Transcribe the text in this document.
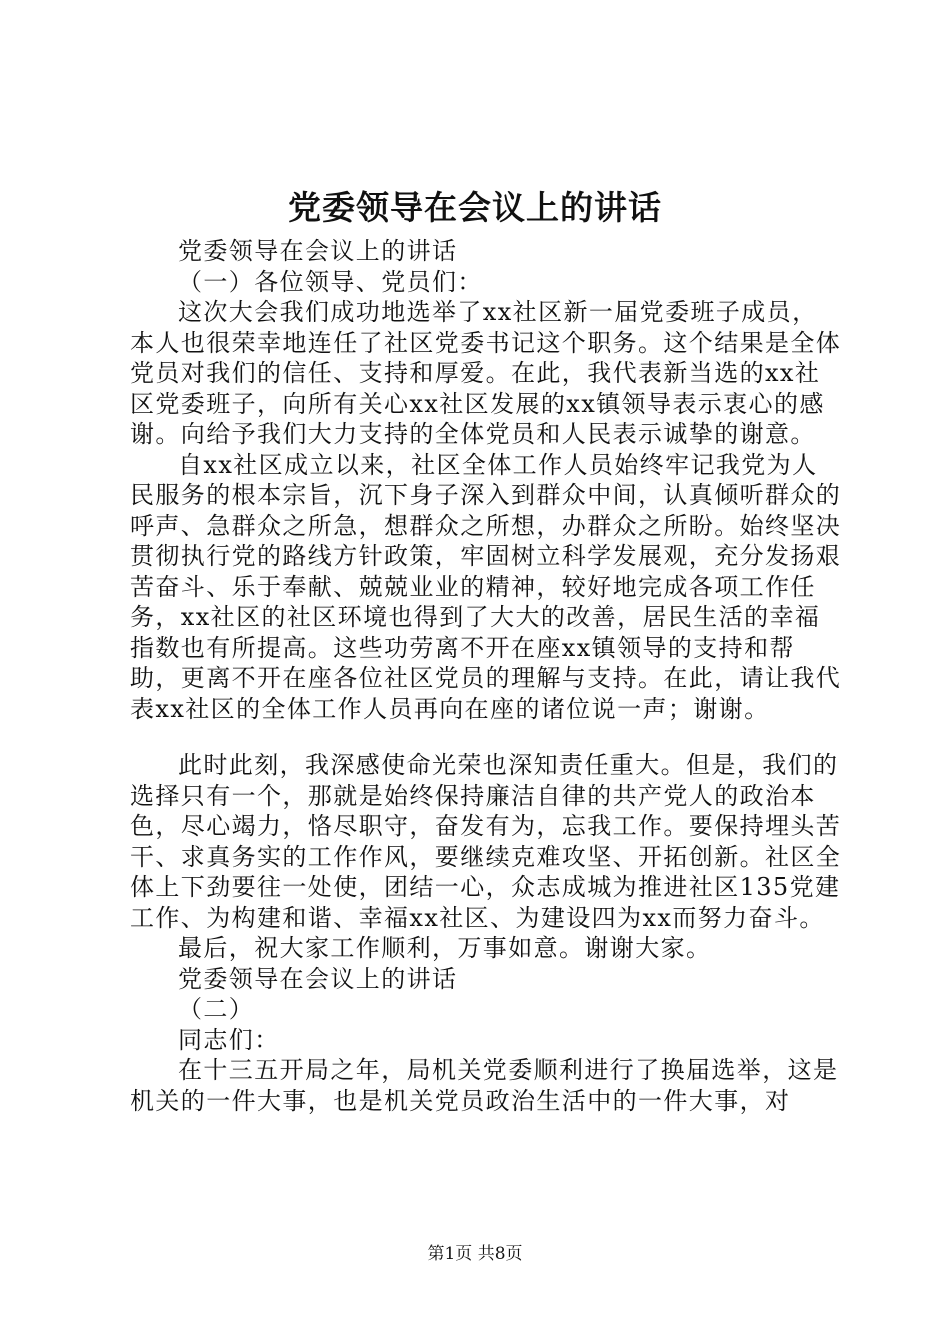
党委领导在会议上的讲话

党委领导在会议上的讲话

（一）各位领导、党员们：

这次大会我们成功地选举了xx社区新一届党委班子成员，本人也很荣幸地连任了社区党委书记这个职务。这个结果是全体党员对我们的信任、支持和厚爱。在此，我代表新当选的xx社区党委班子，向所有关心xx社区发展的xx镇领导表示衷心的感谢。向给予我们大力支持的全体党员和人民表示诚挚的谢意。

自xx社区成立以来，社区全体工作人员始终牢记我党为人民服务的根本宗旨，沉下身子深入到群众中间，认真倾听群众的呼声、急群众之所急，想群众之所想，办群众之所盼。始终坚决贯彻执行党的路线方针政策，牢固树立科学发展观，充分发扬艰苦奋斗、乐于奉献、兢兢业业的精神，较好地完成各项工作任务，xx社区的社区环境也得到了大大的改善，居民生活的幸福指数也有所提高。这些功劳离不开在座xx镇领导的支持和帮助，更离不开在座各位社区党员的理解与支持。在此，请让我代表xx社区的全体工作人员再向在座的诸位说一声；谢谢。

此时此刻，我深感使命光荣也深知责任重大。但是，我们的选择只有一个，那就是始终保持廉洁自律的共产党人的政治本色，尽心竭力，恪尽职守，奋发有为，忘我工作。要保持埋头苦干、求真务实的工作作风，要继续克难攻坚、开拓创新。社区全体上下劲要往一处使，团结一心，众志成城为推进社区135党建工作、为构建和谐、幸福xx社区、为建设四为xx而努力奋斗。

最后，祝大家工作顺利，万事如意。谢谢大家。

党委领导在会议上的讲话

（二）

同志们：

在十三五开局之年，局机关党委顺利进行了换届选举，这是机关的一件大事，也是机关党员政治生活中的一件大事，对

第1页 共8页
